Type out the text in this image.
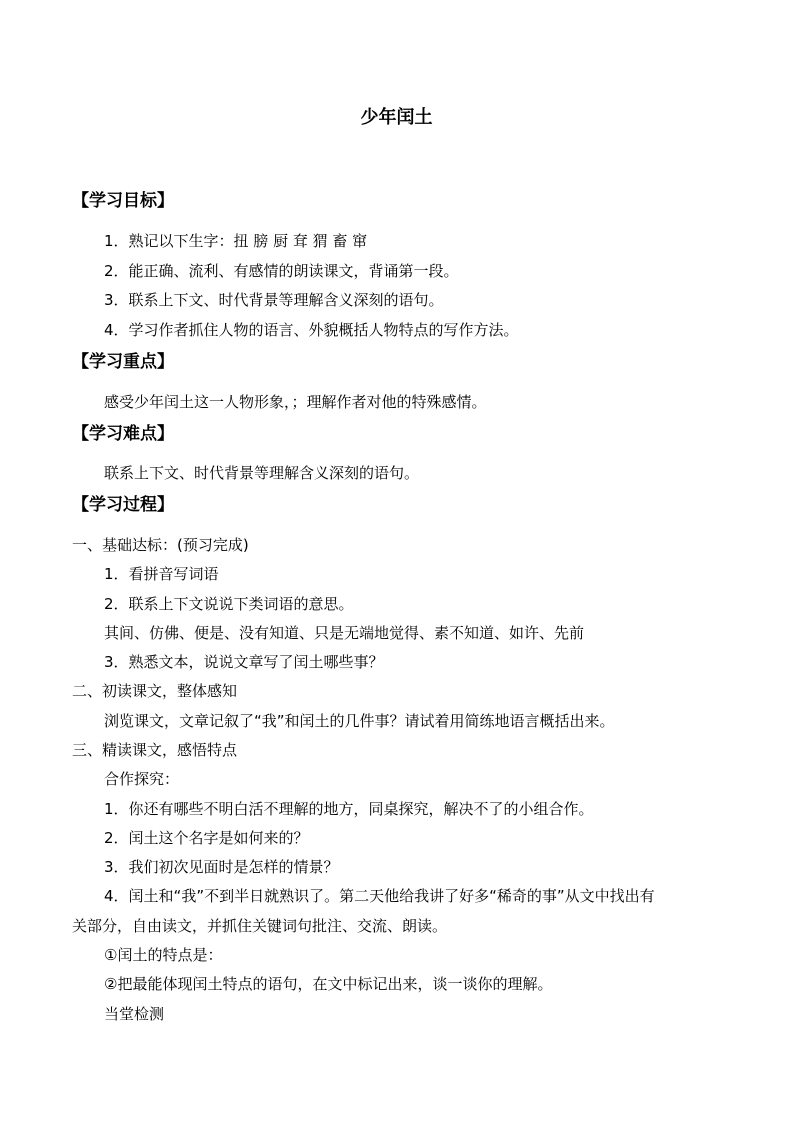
少年闰土
【学习目标】
1．熟记以下生字：扭 膀 厨 耷 猬 畜 窜
2．能正确、流利、有感情的朗读课文，背诵第一段。
3．联系上下文、时代背景等理解含义深刻的语句。
4．学习作者抓住人物的语言、外貌概括人物特点的写作方法。
【学习重点】
感受少年闰土这一人物形象，；理解作者对他的特殊感情。
【学习难点】
联系上下文、时代背景等理解含义深刻的语句。
【学习过程】
一、基础达标：(预习完成)
1．看拼音写词语
2．联系上下文说说下类词语的意思。
其间、仿佛、便是、没有知道、只是无端地觉得、素不知道、如许、先前
3．熟悉文本，说说文章写了闰土哪些事？
二、初读课文，整体感知
浏览课文，文章记叙了“我”和闰土的几件事？请试着用简练地语言概括出来。
三、精读课文，感悟特点
合作探究：
1．你还有哪些不明白活不理解的地方，同桌探究，解决不了的小组合作。
2．闰土这个名字是如何来的？
3．我们初次见面时是怎样的情景？
4．闰土和“我”不到半日就熟识了。第二天他给我讲了好多“稀奇的事”从文中找出有
关部分，自由读文，并抓住关键词句批注、交流、朗读。
①闰土的特点是：
②把最能体现闰土特点的语句，在文中标记出来，谈一谈你的理解。
当堂检测
